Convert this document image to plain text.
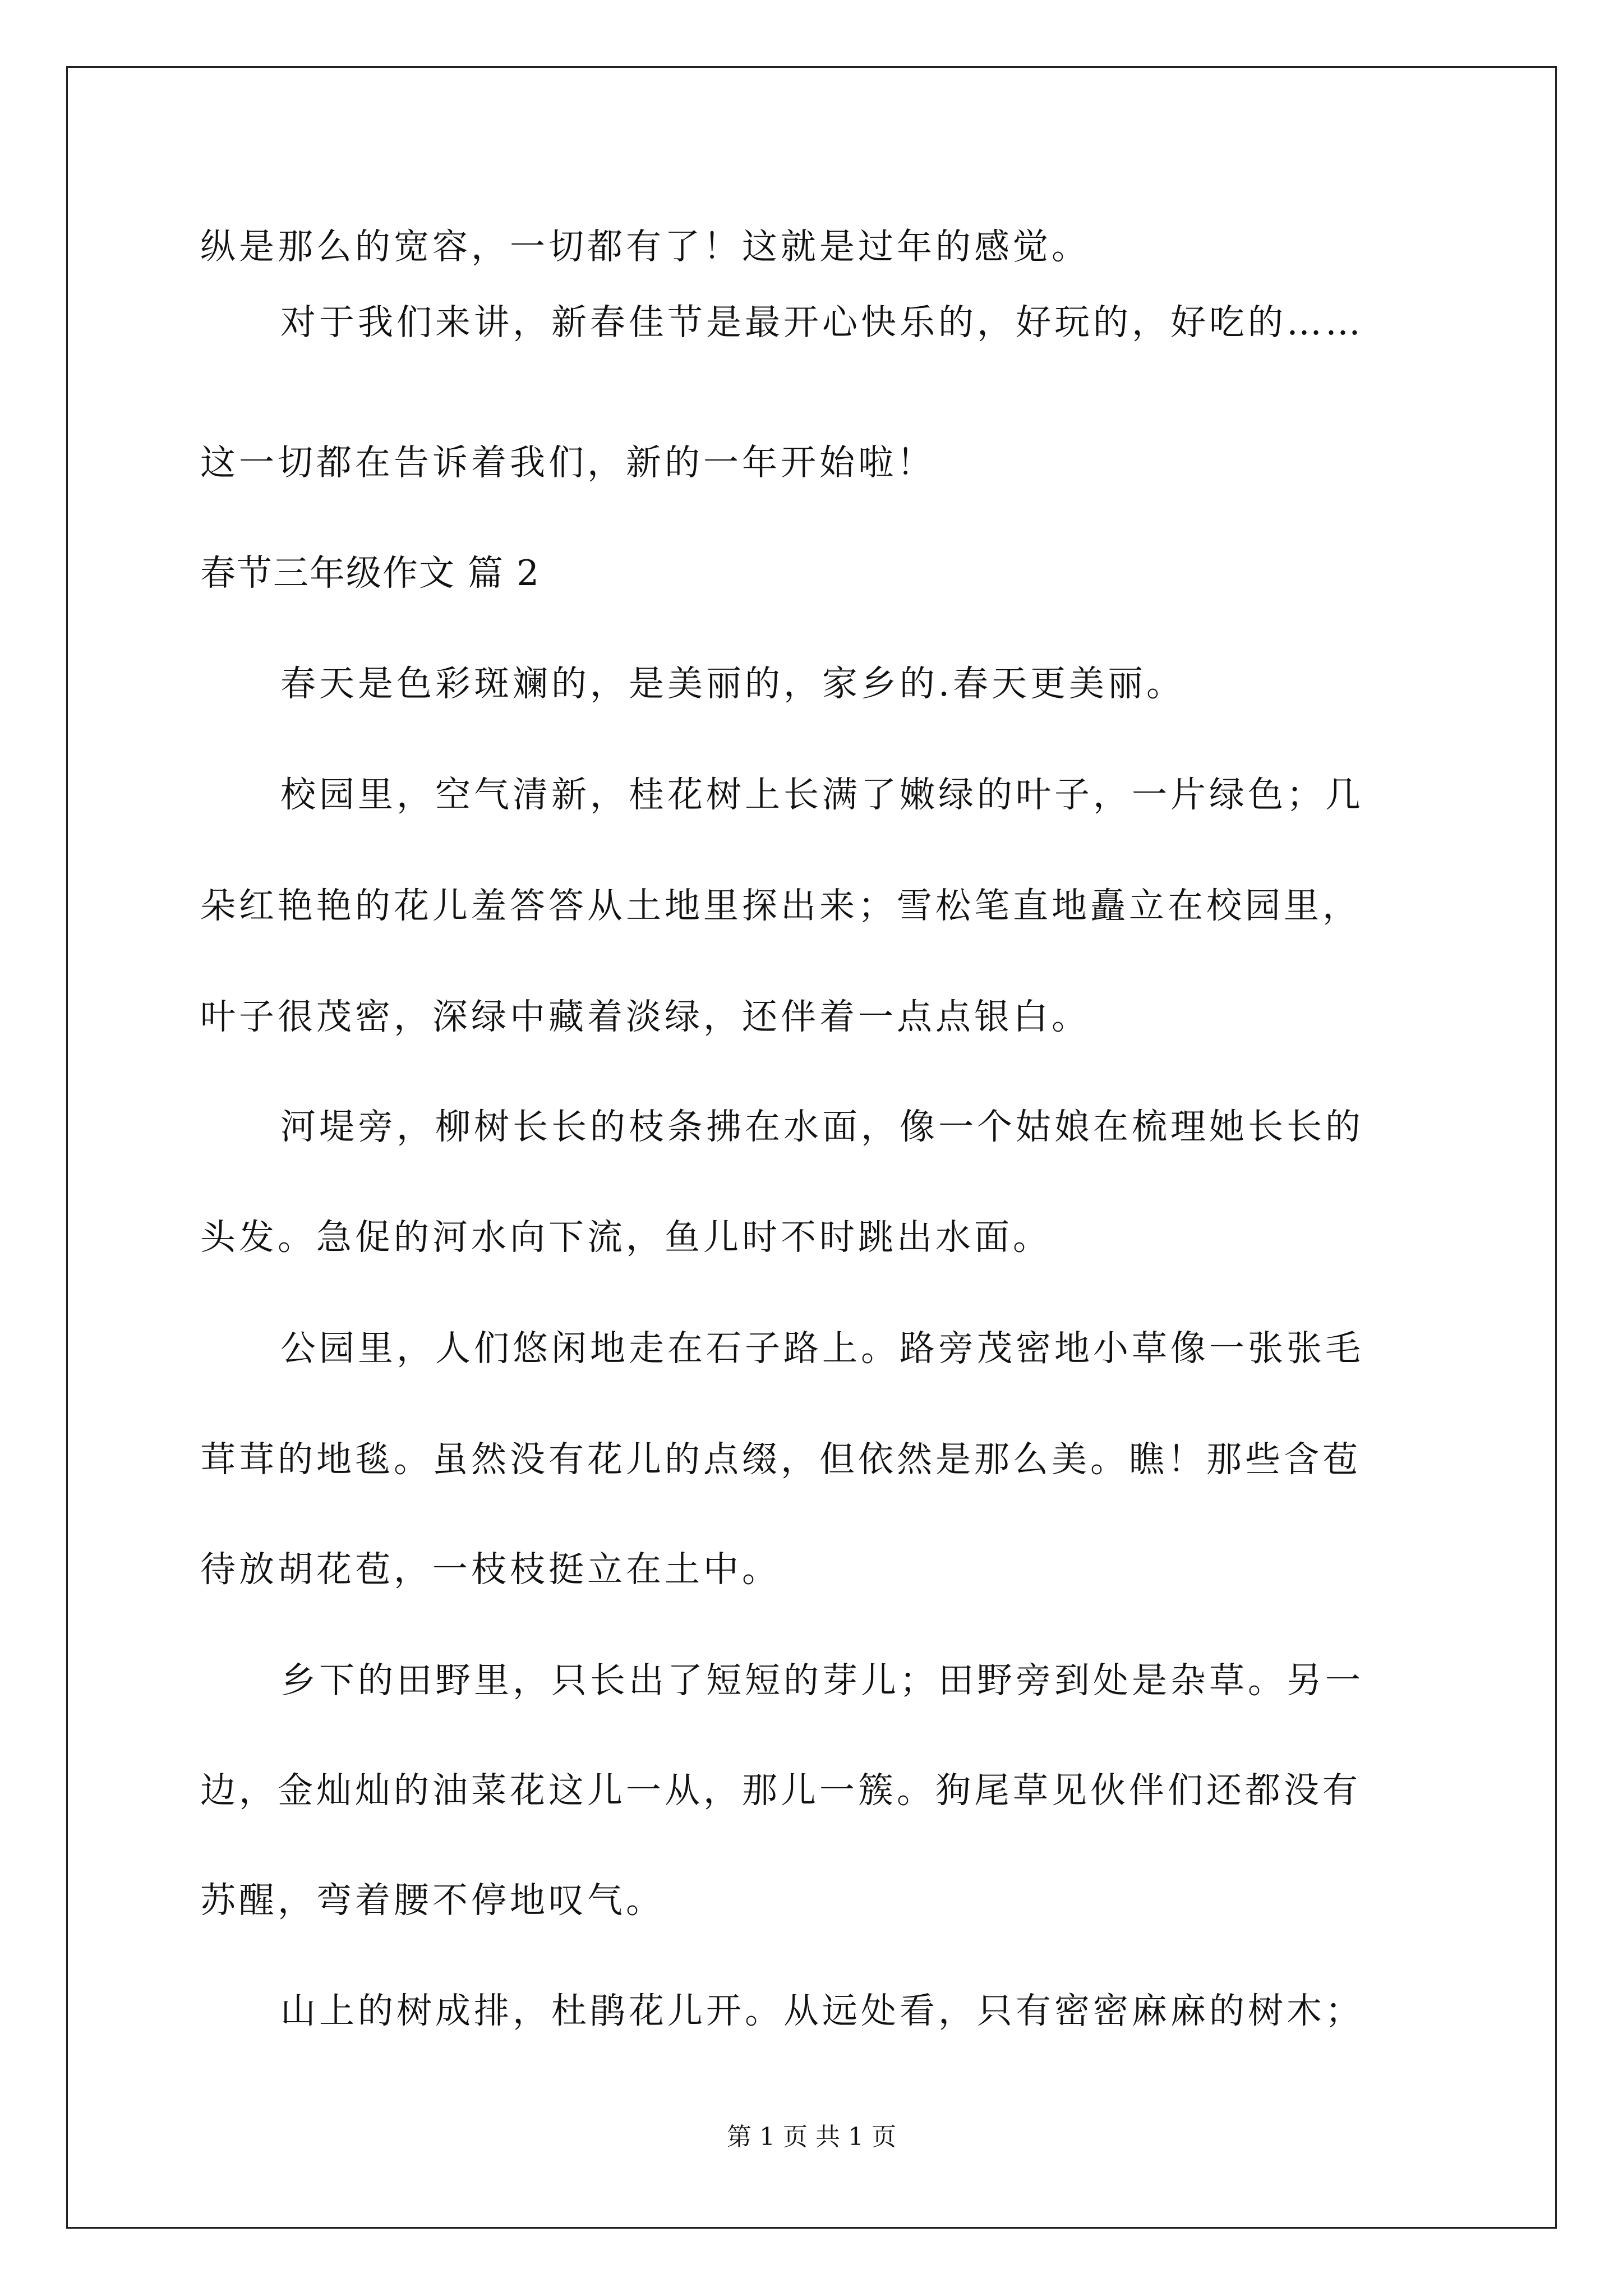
纵是那么的宽容，一切都有了！这就是过年的感觉。
对于我们来讲，新春佳节是最开心快乐的，好玩的，好吃的……
这一切都在告诉着我们，新的一年开始啦！
春节三年级作文 篇 2
春天是色彩斑斓的，是美丽的，家乡的.春天更美丽。
校园里，空气清新，桂花树上长满了嫩绿的叶子，一片绿色；几
朵红艳艳的花儿羞答答从土地里探出来；雪松笔直地矗立在校园里，
叶子很茂密，深绿中藏着淡绿，还伴着一点点银白。
河堤旁，柳树长长的枝条拂在水面，像一个姑娘在梳理她长长的
头发。急促的河水向下流，鱼儿时不时跳出水面。
公园里，人们悠闲地走在石子路上。路旁茂密地小草像一张张毛
茸茸的地毯。虽然没有花儿的点缀，但依然是那么美。瞧！那些含苞
待放胡花苞，一枝枝挺立在土中。
乡下的田野里，只长出了短短的芽儿；田野旁到处是杂草。另一
边，金灿灿的油菜花这儿一从，那儿一簇。狗尾草见伙伴们还都没有
苏醒，弯着腰不停地叹气。
山上的树成排，杜鹃花儿开。从远处看，只有密密麻麻的树木；
第 1 页 共 1 页
